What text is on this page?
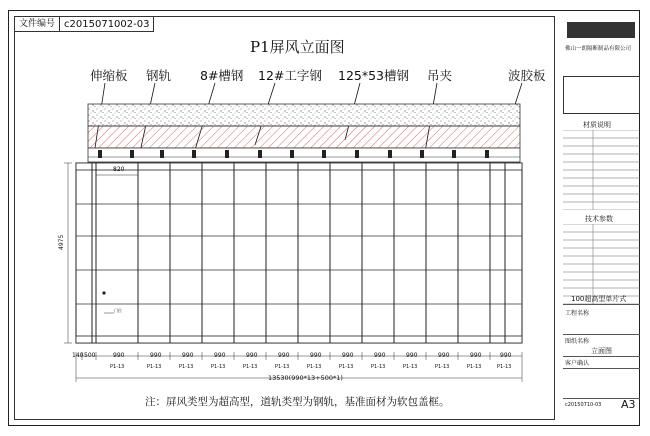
文件编号 c2015071002-03
P1屏风立面图
伸缩板 钢轨 8#槽钢 12#工字钢 125*53槽钢 吊夹	波胶板
820
4975
门位
140 500	990	990	990	990	990	990	990	990	990	990	990	990	990
P1-13	P1-13	P1-13	P1-13	P1-13	P1-13	P1-13	P1-13	P1-13	P1-13	P1-13	P1-13	P1-13
13530(990*13+500*1)
注：屏风类型为超高型，道轨类型为钢轨，基准面材为软包盖框。
佛山一朗隔断制品有限公司
材质说明
技术参数
100超高型单片式
工程名称
图纸名称
立面图
客户确认
c20150710-03 A3
